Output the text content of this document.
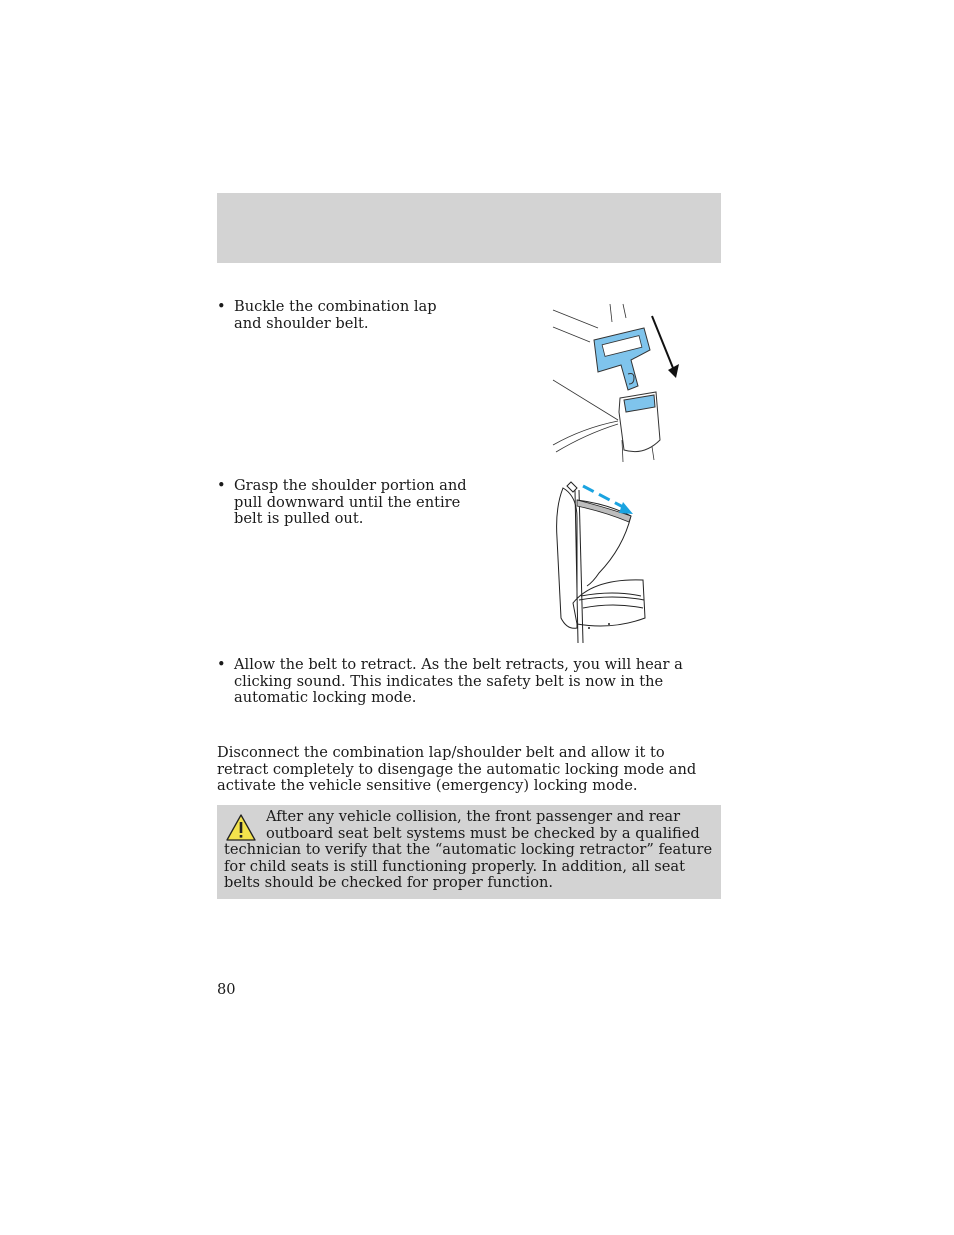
• Buckle the combination lap and shoulder belt.
• Grasp the shoulder portion and pull downward until the entire belt is pulled out.
• Allow the belt to retract. As the belt retracts, you will hear a clicking sound. This indicates the safety belt is now in the automatic locking mode.
Disconnect the combination lap/shoulder belt and allow it to retract completely to disengage the automatic locking mode and activate the vehicle sensitive (emergency) locking mode.
After any vehicle collision, the front passenger and rear outboard seat belt systems must be checked by a qualified technician to verify that the “automatic locking retractor” feature for child seats is still functioning properly. In addition, all seat belts should be checked for proper function.
80
